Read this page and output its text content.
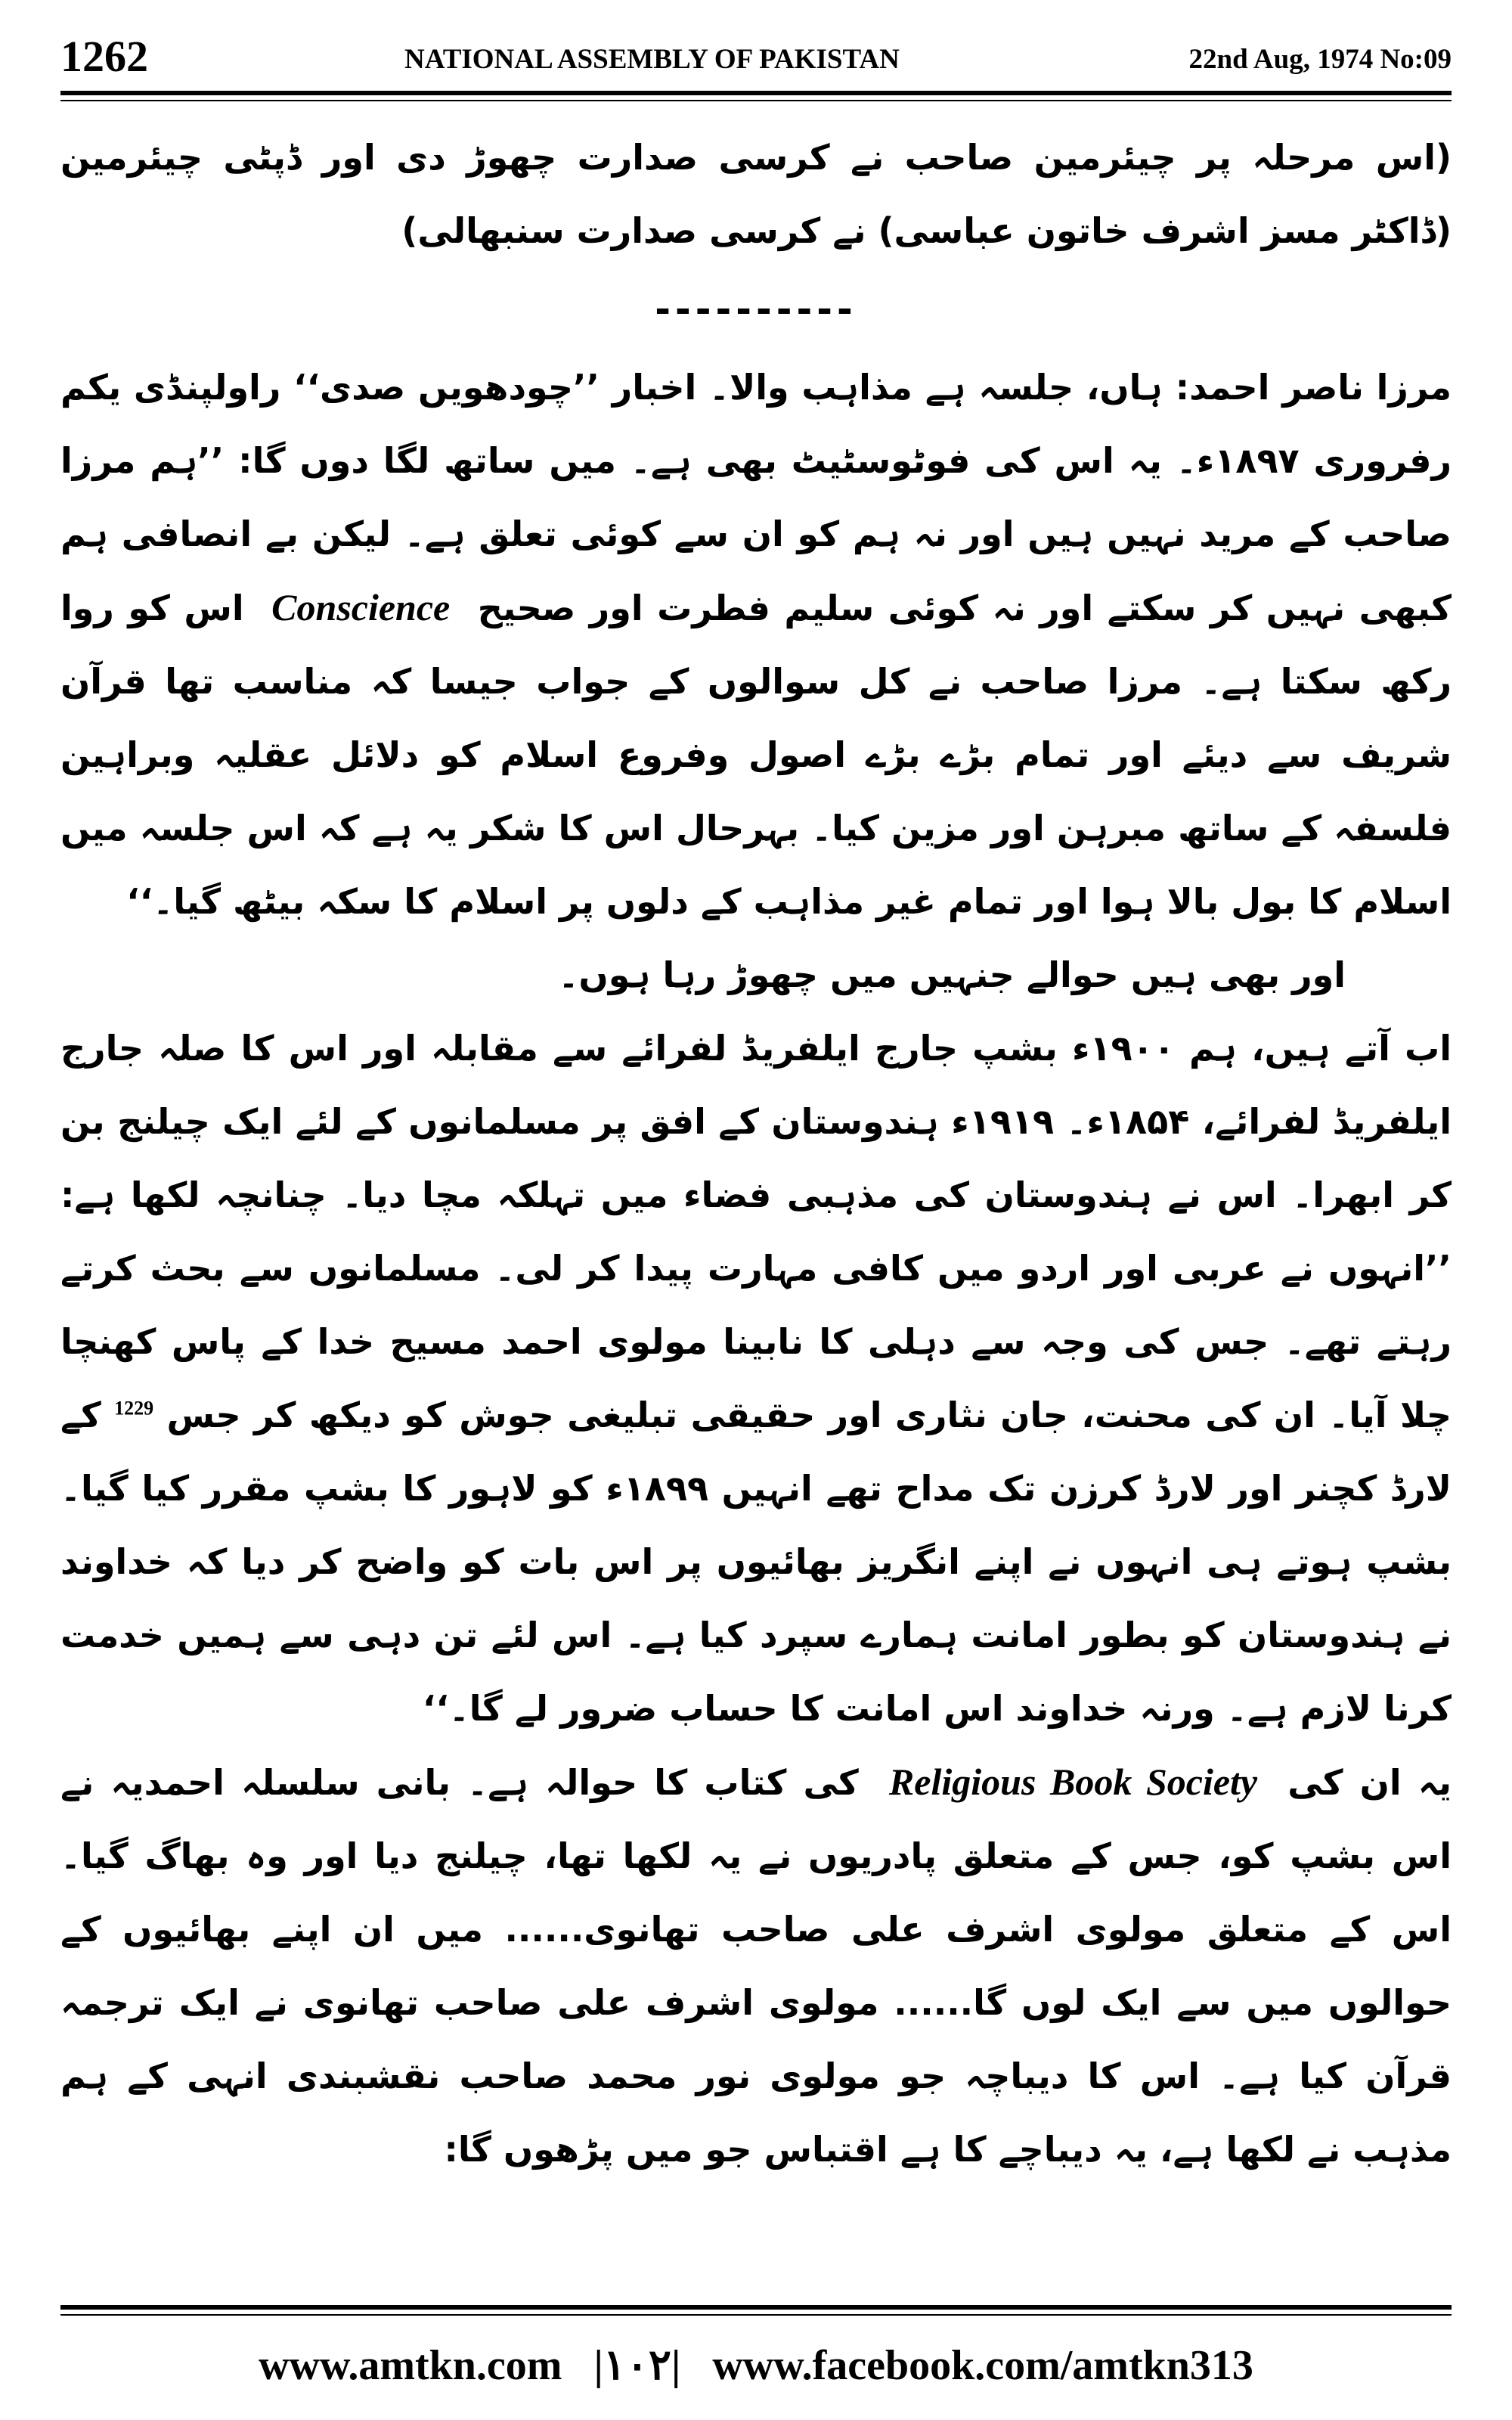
1262	NATIONAL ASSEMBLY OF PAKISTAN	22nd Aug, 1974 No:09

(اس مرحلہ پر چیئرمین صاحب نے کرسی صدارت چھوڑ دی اور ڈپٹی چیئرمین (ڈاکٹر مسز اشرف خاتون عباسی) نے کرسی صدارت سنبھالی)

----------

مرزا ناصر احمد: ہاں، جلسہ ہے مذاہب والا۔ اخبار ’’چودھویں صدی‘‘ راولپنڈی یکم رفروری ۱۸۹۷ء۔ یہ اس کی فوٹوسٹیٹ بھی ہے۔ میں ساتھ لگا دوں گا: ’’ہم مرزا صاحب کے مرید نہیں ہیں اور نہ ہم کو ان سے کوئی تعلق ہے۔ لیکن بے انصافی ہم کبھی نہیں کر سکتے اور نہ کوئی سلیم فطرت اور صحیح Conscience اس کو روا رکھ سکتا ہے۔ مرزا صاحب نے کل سوالوں کے جواب جیسا کہ مناسب تھا قرآن شریف سے دیئے اور تمام بڑے بڑے اصول وفروع اسلام کو دلائل عقلیہ وبراہین فلسفہ کے ساتھ مبرہن اور مزین کیا۔ بہرحال اس کا شکر یہ ہے کہ اس جلسہ میں اسلام کا بول بالا ہوا اور تمام غیر مذاہب کے دلوں پر اسلام کا سکہ بیٹھ گیا۔‘‘

اور بھی ہیں حوالے جنہیں میں چھوڑ رہا ہوں۔

اب آتے ہیں، ہم ۱۹۰۰ء بشپ جارج ایلفریڈ لفرائے سے مقابلہ اور اس کا صلہ جارج ایلفریڈ لفرائے، ۱۸۵۴ء۔ ۱۹۱۹ء ہندوستان کے افق پر مسلمانوں کے لئے ایک چیلنج بن کر ابھرا۔ اس نے ہندوستان کی مذہبی فضاء میں تہلکہ مچا دیا۔ چنانچہ لکھا ہے: ’’انہوں نے عربی اور اردو میں کافی مہارت پیدا کر لی۔ مسلمانوں سے بحث کرتے رہتے تھے۔ جس کی وجہ سے دہلی کا نابینا مولوی احمد مسیح خدا کے پاس کھنچا چلا آیا۔ ان کی محنت، جان نثاری اور حقیقی تبلیغی جوش کو دیکھ کر جس $^{1229}$ کے لارڈ کچنر اور لارڈ کرزن تک مداح تھے انہیں ۱۸۹۹ء کو لاہور کا بشپ مقرر کیا گیا۔ بشپ ہوتے ہی انہوں نے اپنے انگریز بھائیوں پر اس بات کو واضح کر دیا کہ خداوند نے ہندوستان کو بطور امانت ہمارے سپرد کیا ہے۔ اس لئے تن دہی سے ہمیں خدمت کرنا لازم ہے۔ ورنہ خداوند اس امانت کا حساب ضرور لے گا۔‘‘

یہ ان کی Religious Book Society کی کتاب کا حوالہ ہے۔ بانی سلسلہ احمدیہ نے اس بشپ کو، جس کے متعلق پادریوں نے یہ لکھا تھا، چیلنج دیا اور وہ بھاگ گیا۔ اس کے متعلق مولوی اشرف علی صاحب تھانوی...... میں ان اپنے بھائیوں کے حوالوں میں سے ایک لوں گا...... مولوی اشرف علی صاحب تھانوی نے ایک ترجمہ قرآن کیا ہے۔ اس کا دیباچہ جو مولوی نور محمد صاحب نقشبندی انہی کے ہم مذہب نے لکھا ہے، یہ دیباچے کا ہے اقتباس جو میں پڑھوں گا:

www.amtkn.com |۱۰۲| www.facebook.com/amtkn313
